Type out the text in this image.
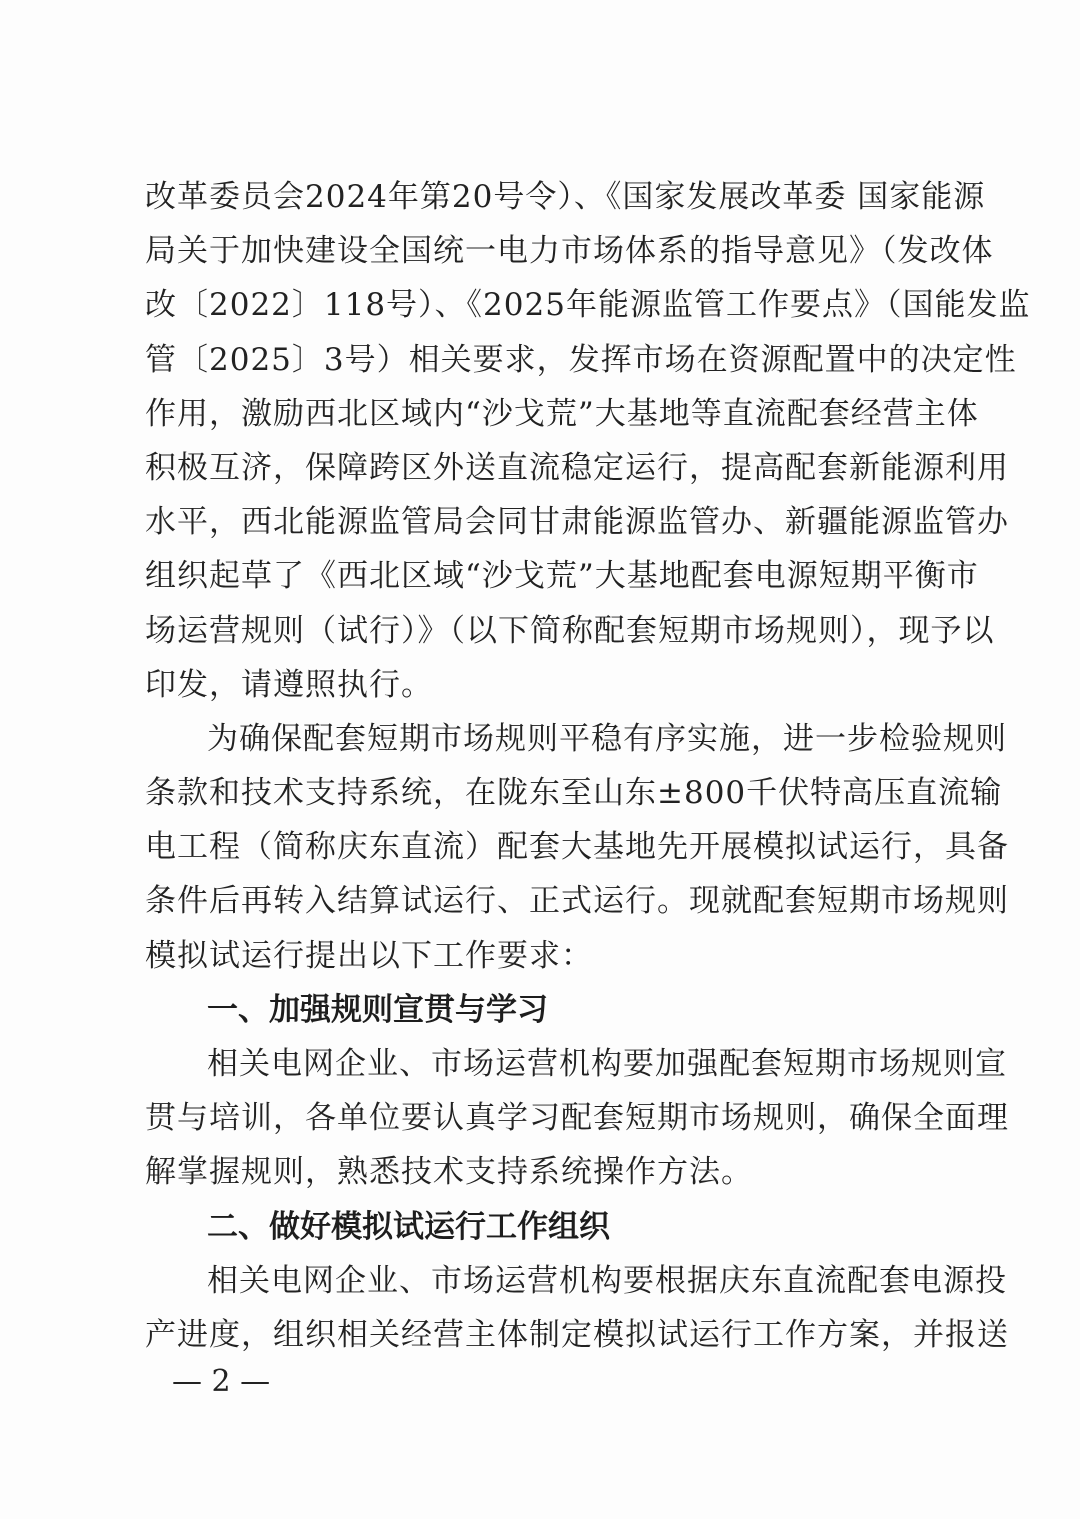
改革委员会2024年第20号令）、《国家发展改革委 国家能源
局关于加快建设全国统一电力市场体系的指导意见》（发改体
改〔2022〕118号）、《2025年能源监管工作要点》（国能发监
管〔2025〕3号）相关要求，发挥市场在资源配置中的决定性
作用，激励西北区域内“沙戈荒”大基地等直流配套经营主体
积极互济，保障跨区外送直流稳定运行，提高配套新能源利用
水平，西北能源监管局会同甘肃能源监管办、新疆能源监管办
组织起草了《西北区域“沙戈荒”大基地配套电源短期平衡市
场运营规则（试行）》（以下简称配套短期市场规则），现予以
印发，请遵照执行。
为确保配套短期市场规则平稳有序实施，进一步检验规则
条款和技术支持系统，在陇东至山东±800千伏特高压直流输
电工程（简称庆东直流）配套大基地先开展模拟试运行，具备
条件后再转入结算试运行、正式运行。现就配套短期市场规则
模拟试运行提出以下工作要求：
一、加强规则宣贯与学习
相关电网企业、市场运营机构要加强配套短期市场规则宣
贯与培训，各单位要认真学习配套短期市场规则，确保全面理
解掌握规则，熟悉技术支持系统操作方法。
二、做好模拟试运行工作组织
相关电网企业、市场运营机构要根据庆东直流配套电源投
产进度，组织相关经营主体制定模拟试运行工作方案，并报送
— 2 —
